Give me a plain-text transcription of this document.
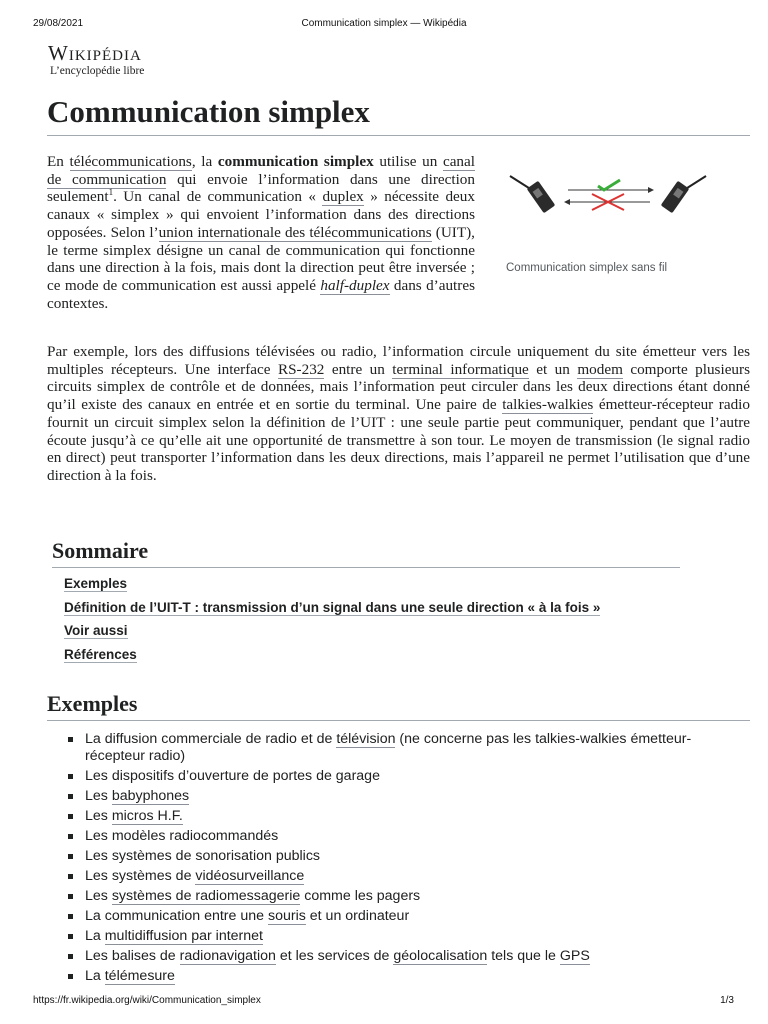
29/08/2021	Communication simplex — Wikipédia
Wikipédia
L’encyclopédie libre
Communication simplex
En télécommunications, la communication simplex utilise un canal de communication qui envoie l’information dans une direction seulement$^1$. Un canal de communication « duplex » nécessite deux canaux « simplex » qui envoient l’information dans des directions opposées. Selon l’union internationale des télécommunications (UIT), le terme simplex désigne un canal de communication qui fonctionne dans une direction à la fois, mais dont la direction peut être inversée ; ce mode de communication est aussi appelé half-duplex dans d’autres contextes.
Communication simplex sans fil
Par exemple, lors des diffusions télévisées ou radio, l’information circule uniquement du site émetteur vers les multiples récepteurs. Une interface RS-232 entre un terminal informatique et un modem comporte plusieurs circuits simplex de contrôle et de données, mais l’information peut circuler dans les deux directions étant donné qu’il existe des canaux en entrée et en sortie du terminal. Une paire de talkies-walkies émetteur-récepteur radio fournit un circuit simplex selon la définition de l’UIT : une seule partie peut communiquer, pendant que l’autre écoute jusqu’à ce qu’elle ait une opportunité de transmettre à son tour. Le moyen de transmission (le signal radio en direct) peut transporter l’information dans les deux directions, mais l’appareil ne permet l’utilisation que d’une direction à la fois.
Sommaire
Exemples
Définition de l’UIT-T : transmission d’un signal dans une seule direction « à la fois »
Voir aussi
Références
Exemples
La diffusion commerciale de radio et de télévision (ne concerne pas les talkies-walkies émetteur- récepteur radio)
Les dispositifs d’ouverture de portes de garage
Les babyphones
Les micros H.F.
Les modèles radiocommandés
Les systèmes de sonorisation publics
Les systèmes de vidéosurveillance
Les systèmes de radiomessagerie comme les pagers
La communication entre une souris et un ordinateur
La multidiffusion par internet
Les balises de radionavigation et les services de géolocalisation tels que le GPS
La télémesure
https://fr.wikipedia.org/wiki/Communication_simplex	1/3
